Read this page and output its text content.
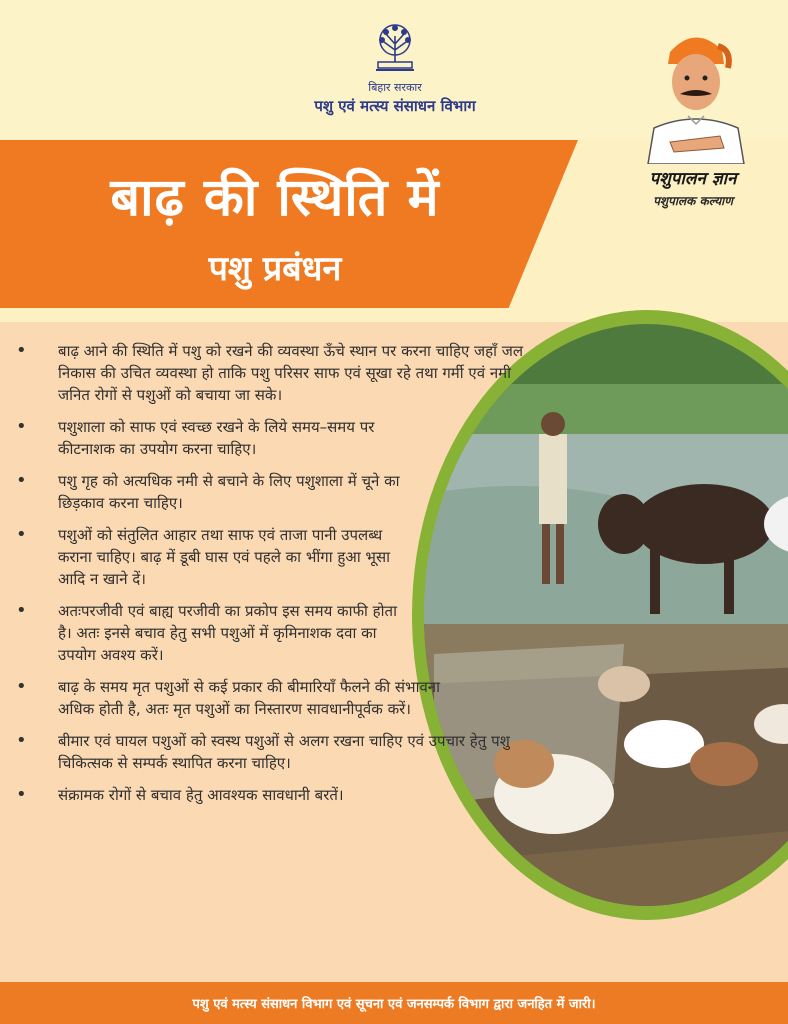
बिहार सरकार
पशु एवं मत्स्य संसाधन विभाग
बाढ़ की स्थिति में
पशु प्रबंधन
पशुपालन ज्ञान
पशुपालक कल्याण
• बाढ़ आने की स्थिति में पशु को रखने की व्यवस्था ऊँचे स्थान पर करना चाहिए जहाँ जल निकास की उचित व्यवस्था हो ताकि पशु परिसर साफ एवं सूखा रहे तथा गर्मी एवं नमी जनित रोगों से पशुओं को बचाया जा सके।
• पशुशाला को साफ एवं स्वच्छ रखने के लिये समय–समय पर कीटनाशक का उपयोग करना चाहिए।
• पशु गृह को अत्यधिक नमी से बचाने के लिए पशुशाला में चूने का छिड़काव करना चाहिए।
• पशुओं को संतुलित आहार तथा साफ एवं ताजा पानी उपलब्ध कराना चाहिए। बाढ़ में डूबी घास एवं पहले का भींगा हुआ भूसा आदि न खाने दें।
• अतःपरजीवी एवं बाह्य परजीवी का प्रकोप इस समय काफी होता है। अतः इनसे बचाव हेतु सभी पशुओं में कृमिनाशक दवा का उपयोग अवश्य करें।
• बाढ़ के समय मृत पशुओं से कई प्रकार की बीमारियाँ फैलने की संभावना अधिक होती है, अतः मृत पशुओं का निस्तारण सावधानीपूर्वक करें।
• बीमार एवं घायल पशुओं को स्वस्थ पशुओं से अलग रखना चाहिए एवं उपचार हेतु पशु चिकित्सक से सम्पर्क स्थापित करना चाहिए।
• संक्रामक रोगों से बचाव हेतु आवश्यक सावधानी बरतें।
पशु एवं मत्स्य संसाधन विभाग एवं सूचना एवं जनसम्पर्क विभाग द्वारा जनहित में जारी।
